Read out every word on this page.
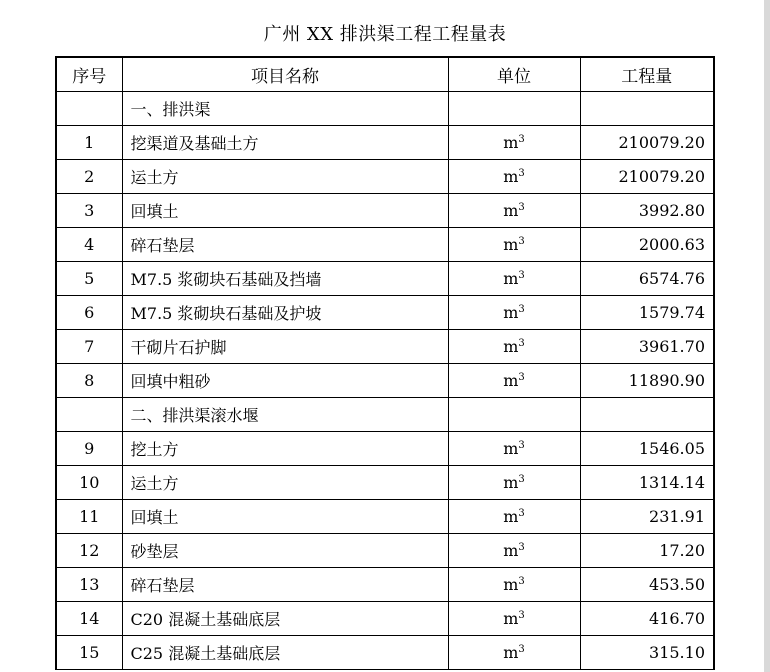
广州 XX 排洪渠工程工程量表
序号	项目名称	单位	工程量
	一、排洪渠		
1	挖渠道及基础土方	$m^3$	210079.20
2	运土方	$m^3$	210079.20
3	回填土	$m^3$	3992.80
4	碎石垫层	$m^3$	2000.63
5	M7.5 浆砌块石基础及挡墙	$m^3$	6574.76
6	M7.5 浆砌块石基础及护坡	$m^3$	1579.74
7	干砌片石护脚	$m^3$	3961.70
8	回填中粗砂	$m^3$	11890.90
	二、排洪渠滚水堰		
9	挖土方	$m^3$	1546.05
10	运土方	$m^3$	1314.14
11	回填土	$m^3$	231.91
12	砂垫层	$m^3$	17.20
13	碎石垫层	$m^3$	453.50
14	C20 混凝土基础底层	$m^3$	416.70
15	C25 混凝土基础底层	$m^3$	315.10
